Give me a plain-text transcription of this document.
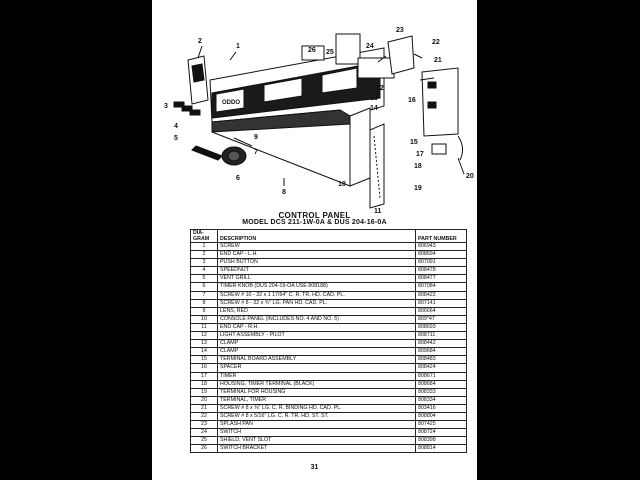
ODDO
1
2
3
4
5
6
7
8
9
10
11
12
13
14
15
16
17
18
19
20
21
22
23
24
25
26
CONTROL PANEL
MODEL DCS 211-1W-0A & DUS 204-16-0A
DIA-
GRAM	DESCRIPTION	PART NUMBER
1	SCREW	806943
2	END CAP - L.H.	808694
3	PUSH BUTTON	807091
4	SPEEDNUT	808478
5	VENT GRILL	808477
6	TIMER KNOB (DUS 204-19-OA USE 808188)	807084
7	SCREW # 10 - 32 x 1 17/64" C. R. TR. HD. CAD. PL.	808422
8	SCREW # 8 - 32 x ¾" LG. PAN HD. CAD. PL.	807141
9	LENS, RED	806664
10	CONSOLE PANEL (INCLUDES NO. 4 AND NO. 5)	809*47
11	END CAP - R.H.	808693
12	LIGHT ASSEMBLY - PILOT	808711
13	CLAMP	808442
14	CLAMP	809684
15	TERMINAL BOARD ASSEMBLY	808483
16	SPACER	808424
17	TIMER	808671
18	HOUSING, TIMER TERMINAL (BLACK)	808684
19	TERMINAL FOR HOUSING	808333
20	TERMINAL, TIMER	808334
21	SCREW # 8 x ⅜" LG. C. R. BINDING HD. CAD. PL.	803416
22	SCREW # 8 x 5/16" LG. C. R. TR. HD. ST. ST.	808804
23	SPLASH PAN	807425
24	SWITCH	808724
25	SHIELD, VENT SLOT	808398
26	SWITCH BRACKET	808814
31
